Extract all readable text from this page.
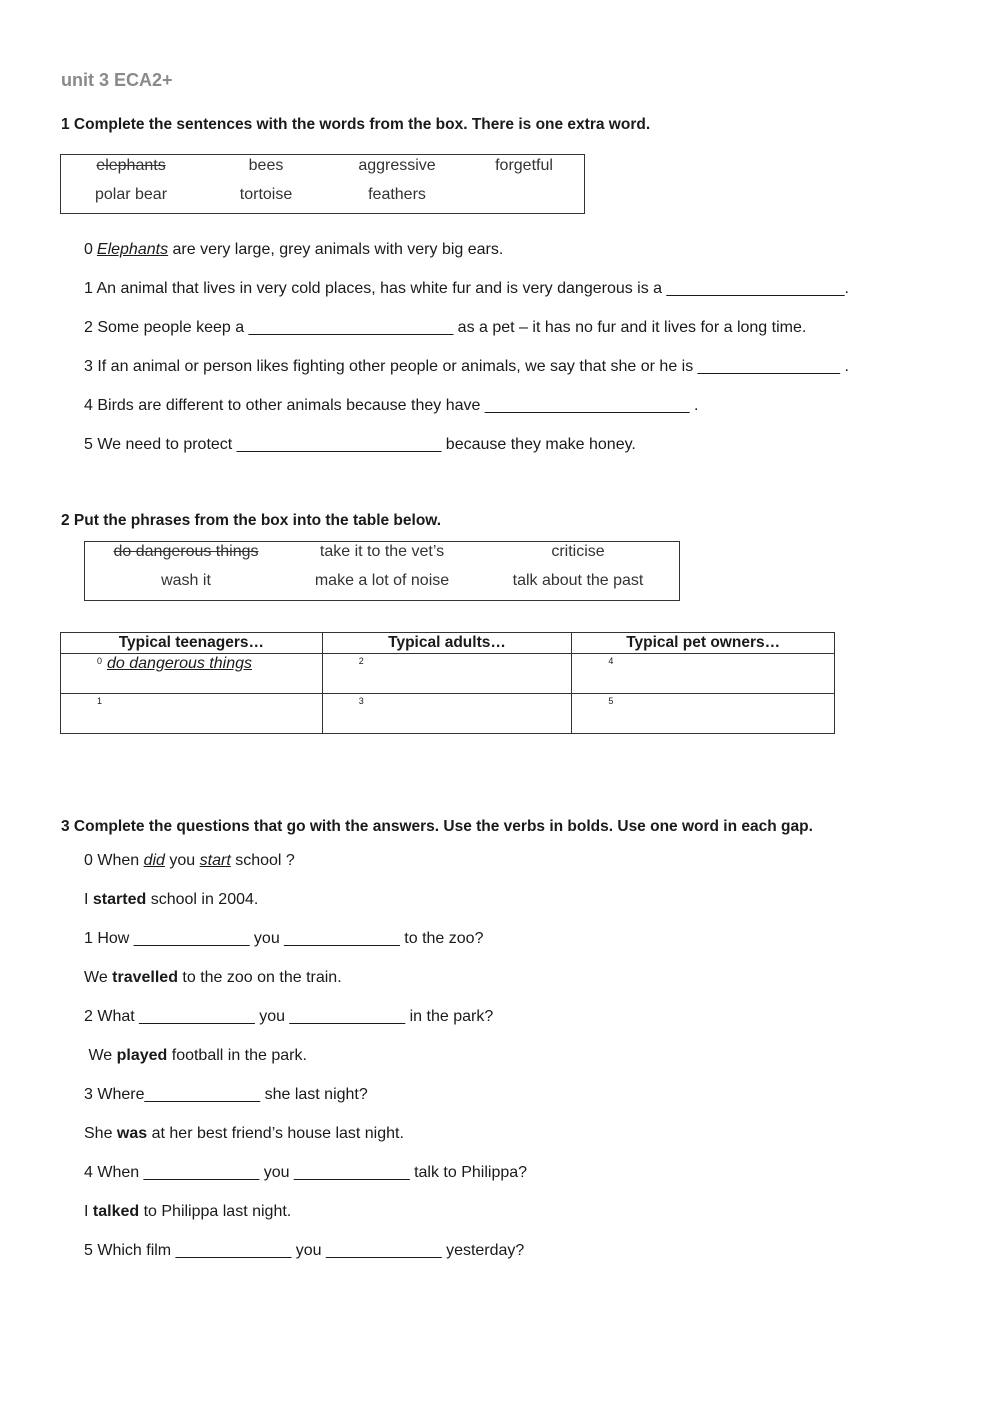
unit 3 ECA2+
1 Complete the sentences with the words from the box. There is one extra word.
elephants	bees	aggressive	forgetful
polar bear	tortoise	feathers
0 Elephants are very large, grey animals with very big ears.
1 An animal that lives in very cold places, has white fur and is very dangerous is a ____________________.
2 Some people keep a _______________________ as a pet – it has no fur and it lives for a long time.
3 If an animal or person likes fighting other people or animals, we say that she or he is ________________ .
4 Birds are different to other animals because they have _______________________ .
5 We need to protect _______________________ because they make honey.
2 Put the phrases from the box into the table below.
do dangerous things	take it to the vet’s	criticise
wash it	make a lot of noise	talk about the past
Typical teenagers…	Typical adults…	Typical pet owners…

0 do dangerous things	2	4

1	3	5
3 Complete the questions that go with the answers. Use the verbs in bolds. Use one word in each gap.
0 When did you start school ?
I started school in 2004.
1 How _____________ you _____________ to the zoo?
We travelled to the zoo on the train.
2 What _____________ you _____________ in the park?
We played football in the park.
3 Where_____________ she last night?
She was at her best friend’s house last night.
4 When _____________ you _____________ talk to Philippa?
I talked to Philippa last night.
5 Which film _____________ you _____________ yesterday?
